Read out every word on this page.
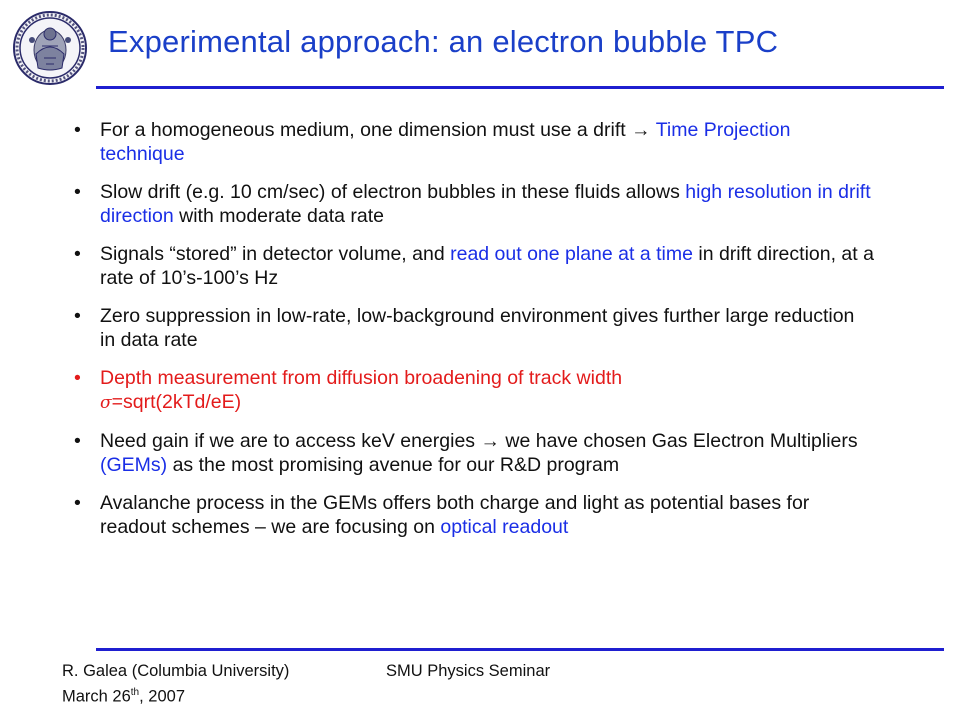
Experimental approach: an electron bubble TPC
• For a homogeneous medium, one dimension must use a drift → Time Projection technique
• Slow drift (e.g. 10 cm/sec) of electron bubbles in these fluids allows high resolution in drift direction with moderate data rate
• Signals “stored” in detector volume, and read out one plane at a time in drift direction, at a rate of 10’s-100’s Hz
• Zero suppression in low-rate, low-background environment gives further large reduction in data rate
• Depth measurement from diffusion broadening of track width
σ=sqrt(2kTd/eE)
• Need gain if we are to access keV energies → we have chosen Gas Electron Multipliers (GEMs) as the most promising avenue for our R&D program
• Avalanche process in the GEMs offers both charge and light as potential bases for readout schemes – we are focusing on optical readout
R. Galea (Columbia University)
March 26th, 2007
SMU Physics Seminar
